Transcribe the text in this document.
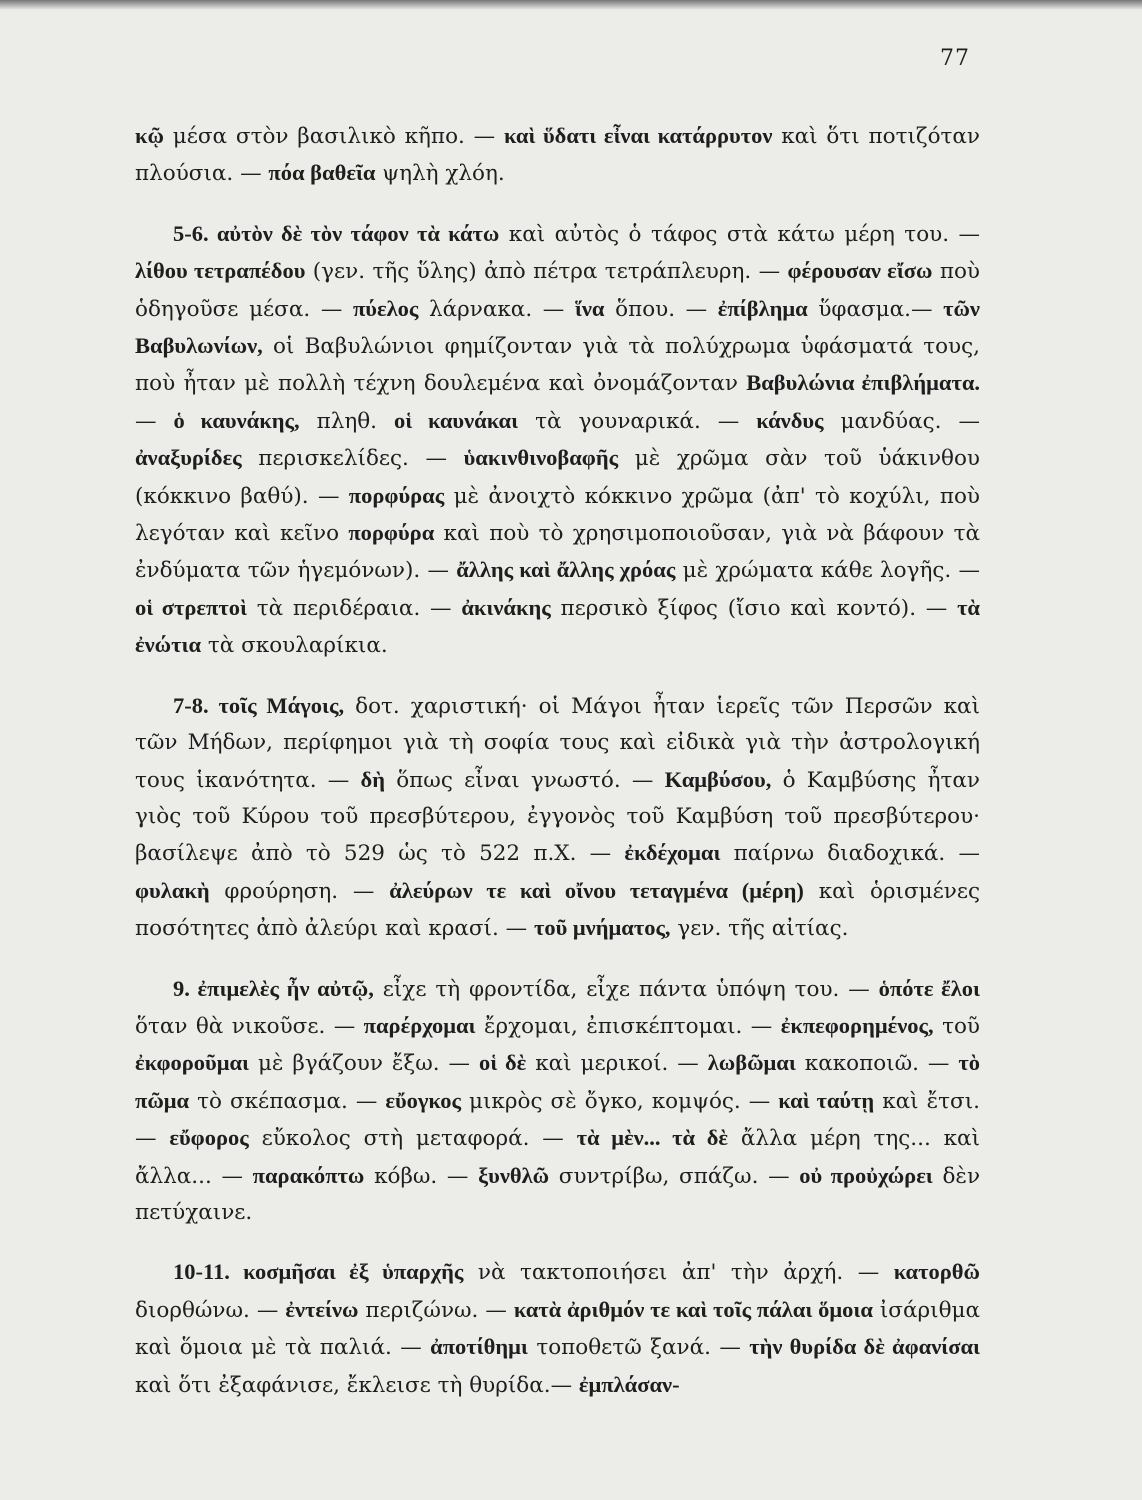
77

κῷ μέσα στὸν βασιλικὸ κῆπο. — καὶ ὕδατι εἶναι κατάρρυτον καὶ ὅτι ποτιζόταν πλούσια. — πόα βαθεῖα ψηλὴ χλόη.

5-6. αὐτὸν δὲ τὸν τάφον τὰ κάτω καὶ αὐτὸς ὁ τάφος στὰ κάτω μέρη του. — λίθου τετραπέδου (γεν. τῆς ὕλης) ἀπὸ πέτρα τετράπλευρη. — φέρουσαν εἴσω ποὺ ὁδηγοῦσε μέσα. — πύελος λάρνακα. — ἵνα ὅπου. — ἐπίβλημα ὕφασμα.— τῶν Βαβυλωνίων, οἱ Βαβυλώνιοι φημίζονταν γιὰ τὰ πολύχρωμα ὑφάσματά τους, ποὺ ἦταν μὲ πολλὴ τέχνη δουλεμένα καὶ ὀνομάζονταν Βαβυλώνια ἐπιβλήματα. — ὁ καυνάκης, πληθ. οἱ καυνάκαι τὰ γουναρικά. — κάνδυς μανδύας. — ἀναξυρίδες περισκελίδες. — ὑακινθινοβαφῆς μὲ χρῶμα σὰν τοῦ ὑάκινθου (κόκκινο βαθύ). — πορφύρας μὲ ἀνοιχτὸ κόκκινο χρῶμα (ἀπ' τὸ κοχύλι, ποὺ λεγόταν καὶ κεῖνο πορφύρα καὶ ποὺ τὸ χρησιμοποιοῦσαν, γιὰ νὰ βάφουν τὰ ἐνδύματα τῶν ἡγεμόνων). — ἄλλης καὶ ἄλλης χρόας μὲ χρώματα κάθε λογῆς. — οἱ στρεπτοὶ τὰ περιδέραια. — ἀκινάκης περσικὸ ξίφος (ἴσιο καὶ κοντό). — τὰ ἐνώτια τὰ σκουλαρίκια.

7-8. τοῖς Μάγοις, δοτ. χαριστική· οἱ Μάγοι ἦταν ἱερεῖς τῶν Περσῶν καὶ τῶν Μήδων, περίφημοι γιὰ τὴ σοφία τους καὶ εἰδικὰ γιὰ τὴν ἀστρολογική τους ἱκανότητα. — δὴ ὅπως εἶναι γνωστό. — Καμβύσου, ὁ Καμβύσης ἦταν γιὸς τοῦ Κύρου τοῦ πρεσβύτερου, ἐγγονὸς τοῦ Καμβύση τοῦ πρεσβύτερου· βασίλεψε ἀπὸ τὸ 529 ὡς τὸ 522 π.Χ. — ἐκδέχομαι παίρνω διαδοχικά. — φυλακὴ φρούρηση. — ἀλεύρων τε καὶ οἴνου τεταγμένα (μέρη) καὶ ὁρισμένες ποσότητες ἀπὸ ἀλεύρι καὶ κρασί. — τοῦ μνήματος, γεν. τῆς αἰτίας.

9. ἐπιμελὲς ἦν αὐτῷ, εἶχε τὴ φροντίδα, εἶχε πάντα ὑπόψη του. — ὁπότε ἔλοι ὅταν θὰ νικοῦσε. — παρέρχομαι ἔρχομαι, ἐπισκέπτομαι. — ἐκπεφορημένος, τοῦ ἐκφοροῦμαι μὲ βγάζουν ἔξω. — οἱ δὲ καὶ μερικοί. — λωβῶμαι κακοποιῶ. — τὸ πῶμα τὸ σκέπασμα. — εὔογκος μικρὸς σὲ ὄγκο, κομψός. — καὶ ταύτῃ καὶ ἔτσι. — εὔφορος εὔκολος στὴ μεταφορά. — τὰ μὲν... τὰ δὲ ἄλλα μέρη της... καὶ ἄλλα... — παρακόπτω κόβω. — ξυνθλῶ συντρίβω, σπάζω. — οὐ προὐχώρει δὲν πετύχαινε.

10-11. κοσμῆσαι ἐξ ὑπαρχῆς νὰ τακτοποιήσει ἀπ' τὴν ἀρχή. — κατορθῶ διορθώνω. — ἐντείνω περιζώνω. — κατὰ ἀριθμόν τε καὶ τοῖς πάλαι ὅμοια ἰσάριθμα καὶ ὅμοια μὲ τὰ παλιά. — ἀποτίθημι τοποθετῶ ξανά. — τὴν θυρίδα δὲ ἀφανίσαι καὶ ὅτι ἐξαφάνισε, ἔκλεισε τὴ θυρίδα.— ἐμπλάσαν-
